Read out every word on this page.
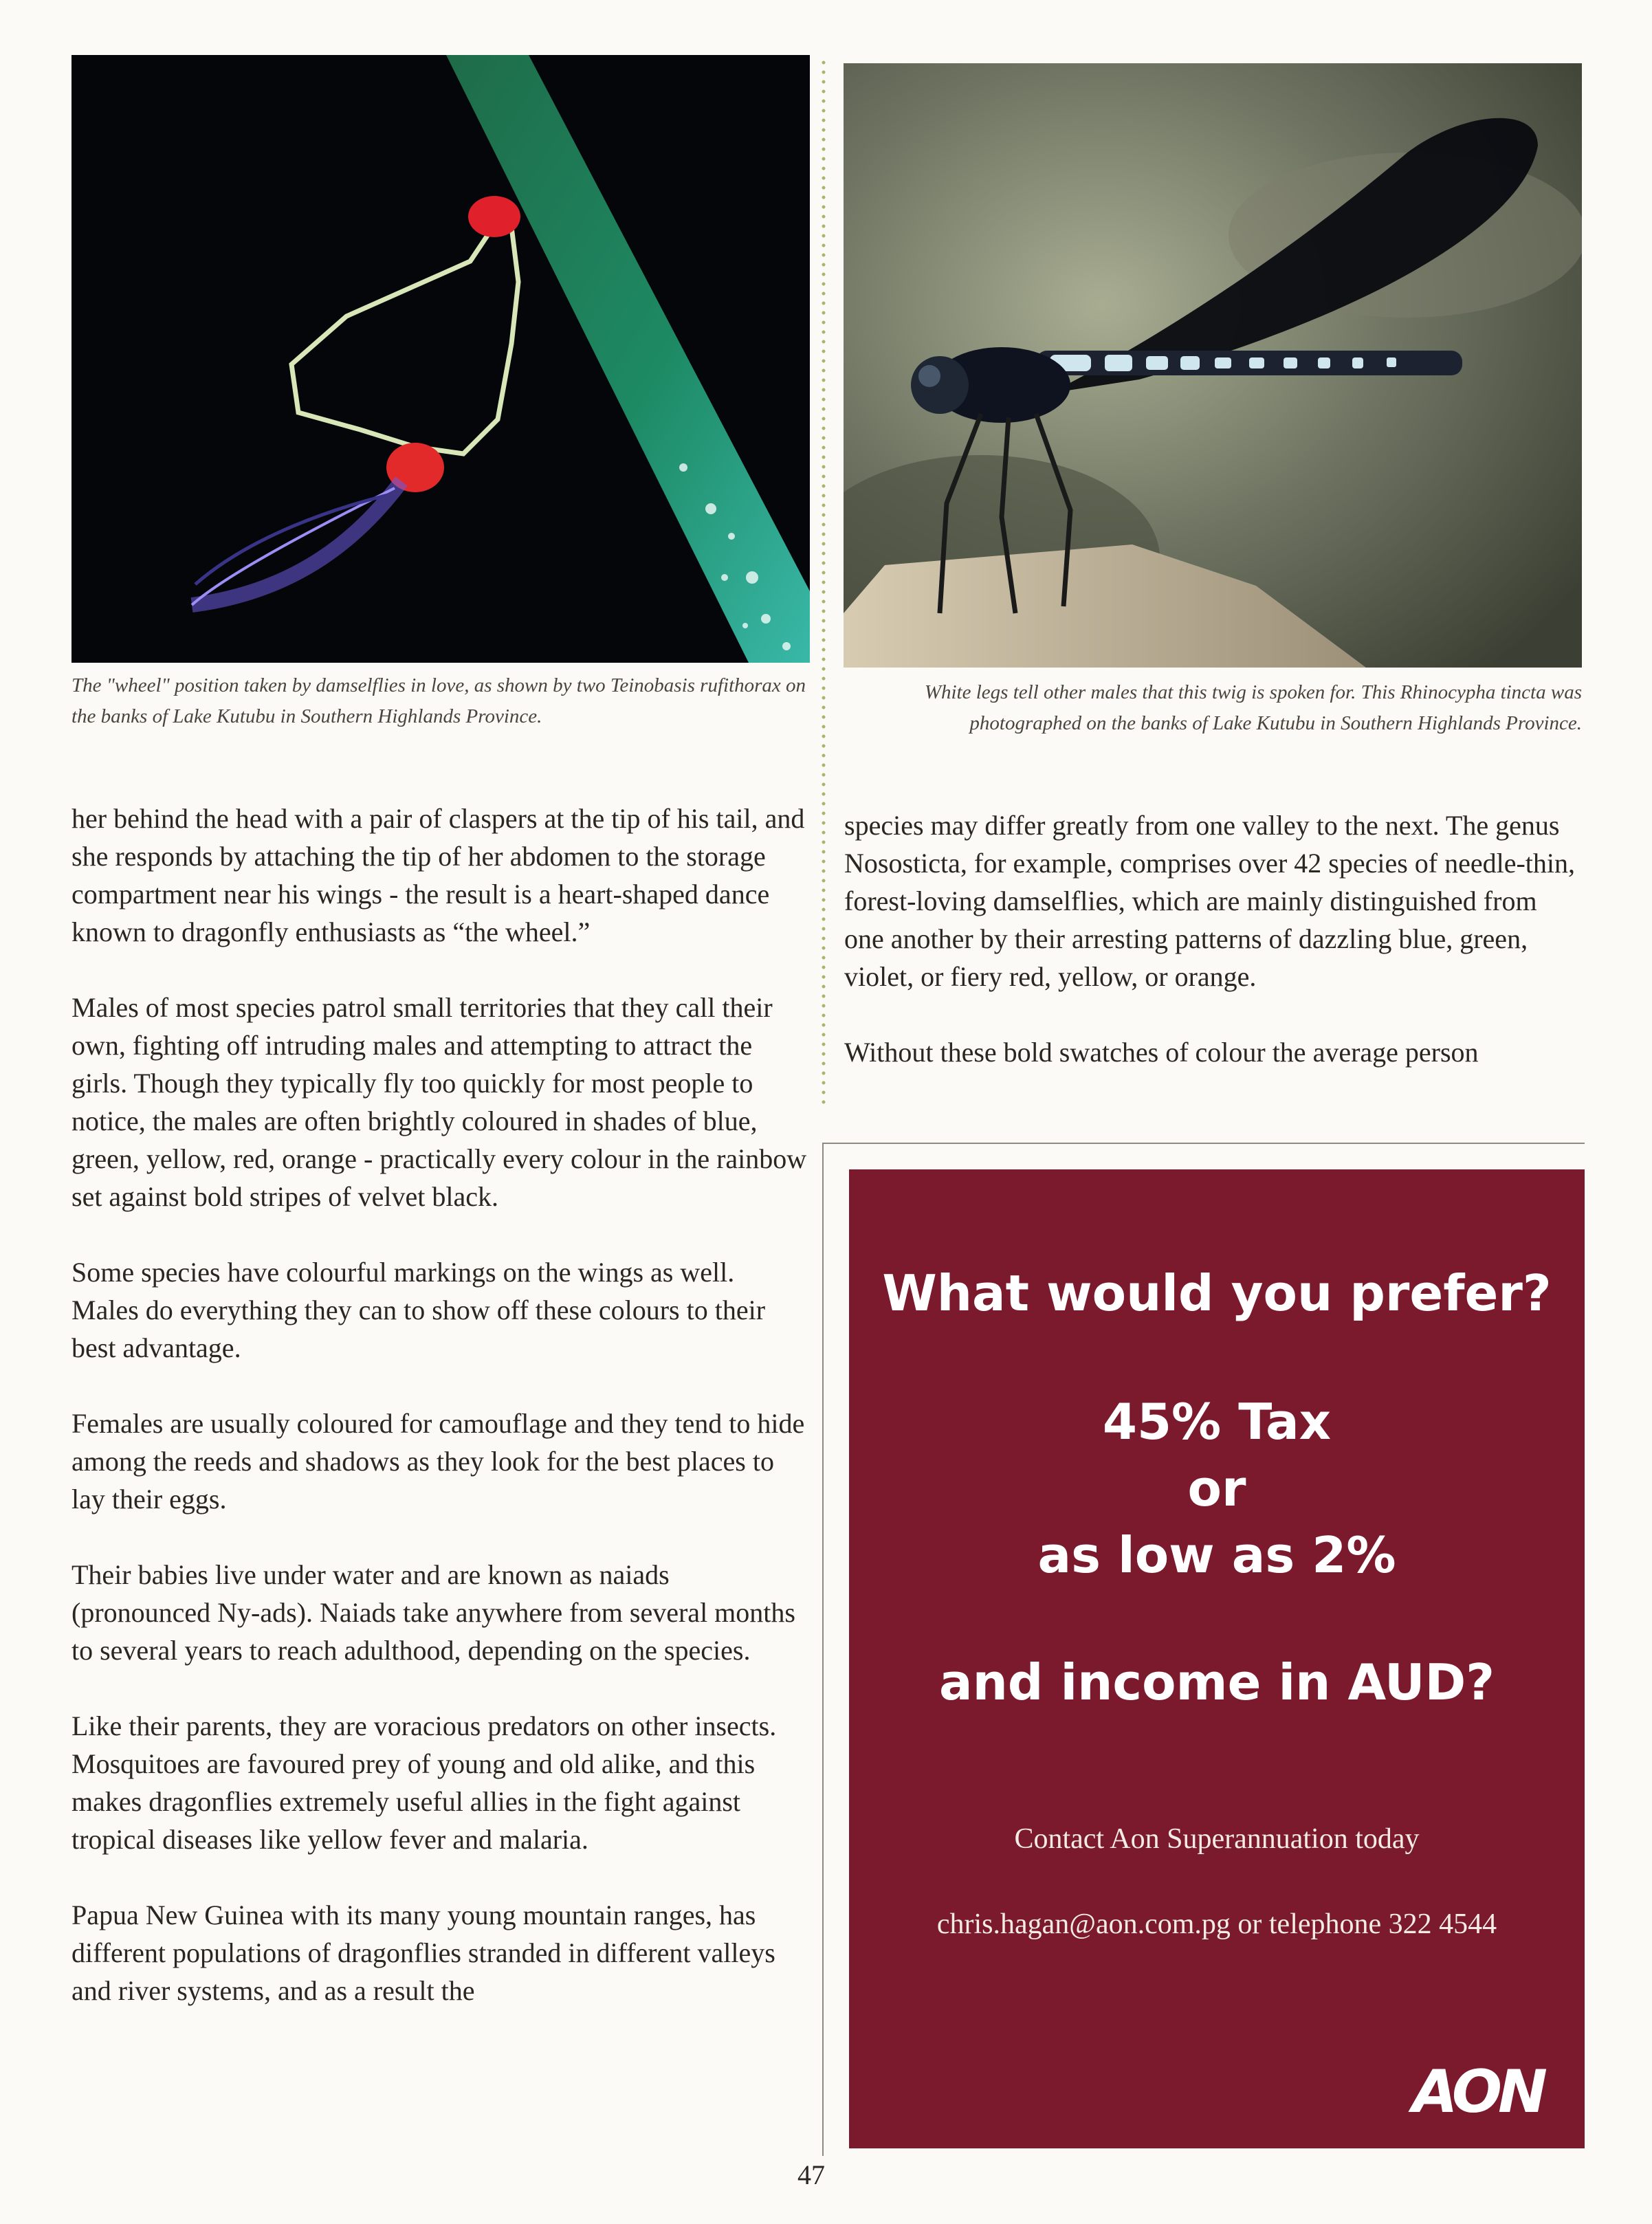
The "wheel" position taken by damselflies in love, as shown by two Teinobasis rufithorax on the banks of Lake Kutubu in Southern Highlands Province.

White legs tell other males that this twig is spoken for. This Rhinocypha tincta was photographed on the banks of Lake Kutubu in Southern Highlands Province.

her behind the head with a pair of claspers at the tip of his tail, and she responds by attaching the tip of her abdomen to the storage compartment near his wings - the result is a heart-shaped dance known to dragonfly enthusiasts as “the wheel.”

Males of most species patrol small territories that they call their own, fighting off intruding males and attempting to attract the girls. Though they typically fly too quickly for most people to notice, the males are often brightly coloured in shades of blue, green, yellow, red, orange - practically every colour in the rainbow set against bold stripes of velvet black.

Some species have colourful markings on the wings as well. Males do everything they can to show off these colours to their best advantage.

Females are usually coloured for camouflage and they tend to hide among the reeds and shadows as they look for the best places to lay their eggs.

Their babies live under water and are known as naiads (pronounced Ny-ads). Naiads take anywhere from several months to several years to reach adulthood, depending on the species.

Like their parents, they are voracious predators on other insects. Mosquitoes are favoured prey of young and old alike, and this makes dragonflies extremely useful allies in the fight against tropical diseases like yellow fever and malaria.

Papua New Guinea with its many young mountain ranges, has different populations of dragonflies stranded in different valleys and river systems, and as a result the

species may differ greatly from one valley to the next. The genus Nososticta, for example, comprises over 42 species of needle-thin, forest-loving damselflies, which are mainly distinguished from one another by their arresting patterns of dazzling blue, green, violet, or fiery red, yellow, or orange.

Without these bold swatches of colour the average person

What would you prefer?
45% Tax
or
as low as 2%
and income in AUD?
Contact Aon Superannuation today
chris.hagan@aon.com.pg or telephone 322 4544
AON
47
